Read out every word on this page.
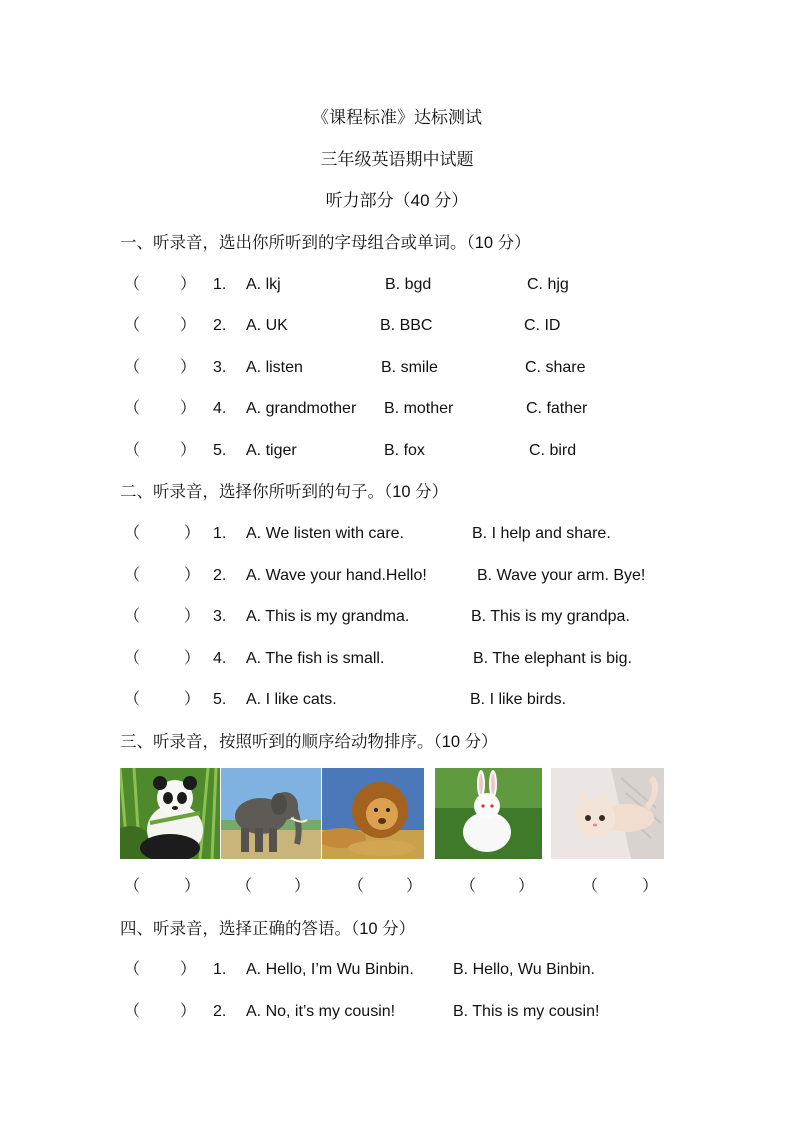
《课程标准》达标测试
三年级英语期中试题
听力部分（40 分）
一、听录音，选出你所听到的字母组合或单词。（10 分）
（ ） 1. A. lkj	B. bgd	C. hjg
（ ） 2. A. UK	B. BBC	C. ID
（ ） 3. A. listen	B. smile	C. share
（ ） 4. A. grandmother B. mother	C. father
（ ） 5. A. tiger	B. fox	C. bird
二、听录音，选择你所听到的句子。（10 分）
（	） 1. A. We listen with care.	B. I help and share.
（	） 2. A. Wave your hand.Hello!	B. Wave your arm. Bye!
（	） 3. A. This is my grandma.	B. This is my grandpa.
（	） 4. A. The fish is small.	B. The elephant is big.
（	） 5. A. I like cats.	B. I like birds.
三、听录音，按照听到的顺序给动物排序。（10 分）
（	） （	） （	） （	）	（	）
四、听录音，选择正确的答语。（10 分）
（ ） 1. A. Hello, I’m Wu Binbin. B. Hello, Wu Binbin.
（ ） 2. A. No, it’s my cousin!	B. This is my cousin!
